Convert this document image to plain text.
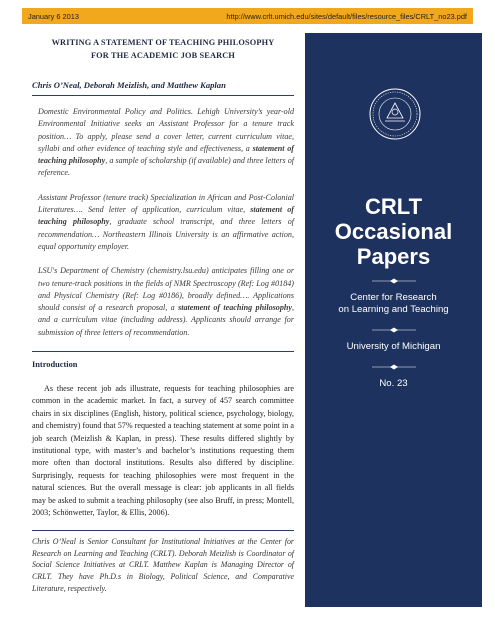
January 6 2013	http://www.crlt.umich.edu/sites/default/files/resource_files/CRLT_no23.pdf
WRITING A STATEMENT OF TEACHING PHILOSOPHY
FOR THE ACADEMIC JOB SEARCH
Chris O’Neal, Deborah Meizlish, and Matthew Kaplan

Domestic Environmental Policy and Politics. Lehigh University’s year-old Environmental Initiative seeks an Assistant Professor for a tenure track position… To apply, please send a cover letter, current curriculum vitae, syllabi and other evidence of teaching style and effectiveness, a statement of teaching philosophy, a sample of scholarship (if available) and three letters of reference.

Assistant Professor (tenure track) Specialization in African and Post-Colonial Literatures…. Send letter of application, curriculum vitae, statement of teaching philosophy, graduate school transcript, and three letters of recommendation… Northeastern Illinois University is an affirmative action, equal opportunity employer.

LSU's Department of Chemistry (chemistry.lsu.edu) anticipates filling one or two tenure-track positions in the fields of NMR Spectroscopy (Ref: Log #0184) and Physical Chemistry (Ref: Log #0186), broadly defined…. Applications should consist of a research proposal, a statement of teaching philosophy, and a curriculum vitae (including address). Applicants should arrange for submission of three letters of recommendation.

Introduction

As these recent job ads illustrate, requests for teaching philosophies are common in the academic market. In fact, a survey of 457 search committee chairs in six disciplines (English, history, political science, psychology, biology, and chemistry) found that 57% requested a teaching statement at some point in a job search (Meizlish & Kaplan, in press). These results differed slightly by institutional type, with master’s and bachelor’s institutions requesting them more often than doctoral institutions. Results also differed by discipline. Surprisingly, requests for teaching philosophies were most frequent in the natural sciences. But the overall message is clear: job applicants in all fields may be asked to submit a teaching philosophy (see also Bruff, in press; Montell, 2003; Schönwetter, Taylor, & Ellis, 2006).

Chris O’Neal is Senior Consultant for Institutional Initiatives at the Center for Research on Learning and Teaching (CRLT). Deborah Meizlish is Coordinator of Social Science Initiatives at CRLT. Matthew Kaplan is Managing Director of CRLT. They have Ph.D.s in Biology, Political Science, and Comparative Literature, respectively.

CRLT
Occasional
Papers
Center for Research
on Learning and Teaching
University of Michigan
No. 23
